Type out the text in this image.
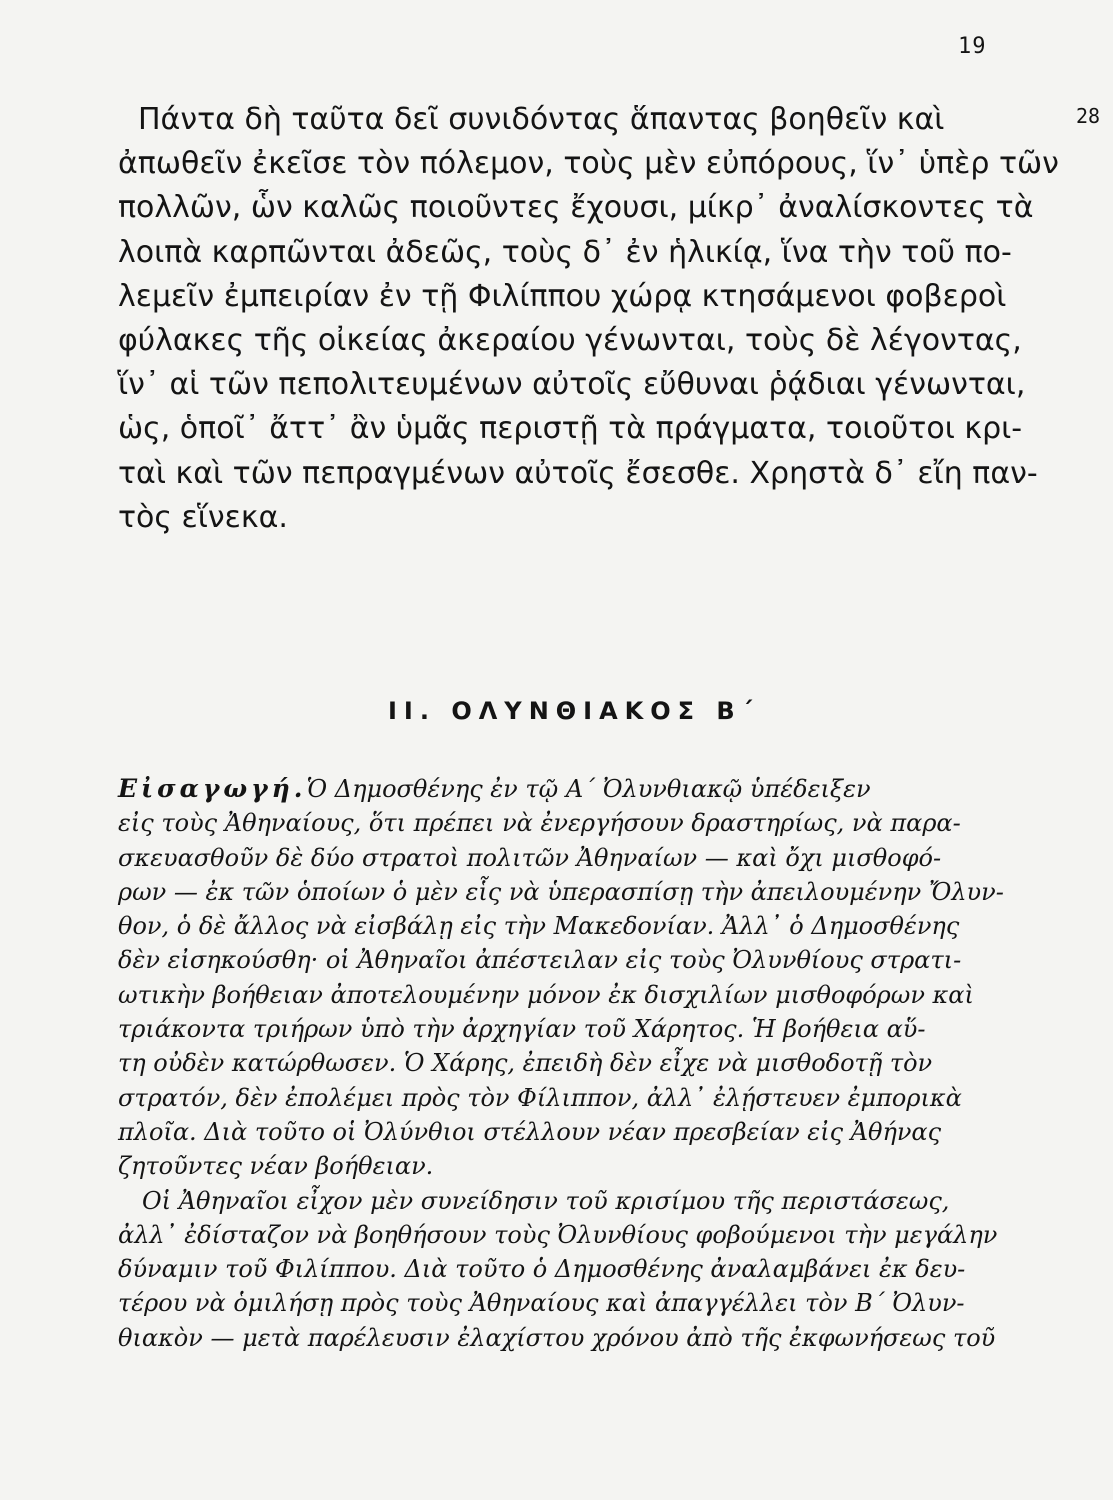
19
28
Πάντα δὴ ταῦτα δεῖ συνιδόντας ἅπαντας βοηθεῖν καὶ
ἀπωθεῖν ἐκεῖσε τὸν πόλεμον, τοὺς μὲν εὐπόρους, ἵν᾽ ὑπὲρ τῶν
πολλῶν, ὧν καλῶς ποιοῦντες ἔχουσι, μίκρ᾽ ἀναλίσκοντες τὰ
λοιπὰ καρπῶνται ἀδεῶς, τοὺς δ᾽ ἐν ἡλικίᾳ, ἵνα τὴν τοῦ πο-
λεμεῖν ἐμπειρίαν ἐν τῇ Φιλίππου χώρᾳ κτησάμενοι φοβεροὶ
φύλακες τῆς οἰκείας ἀκεραίου γένωνται, τοὺς δὲ λέγοντας,
ἵν᾽ αἱ τῶν πεπολιτευμένων αὐτοῖς εὔθυναι ῥᾴδιαι γένωνται,
ὡς, ὁποῖ᾽ ἄττ᾽ ἂν ὑμᾶς περιστῇ τὰ πράγματα, τοιοῦτοι κρι-
ταὶ καὶ τῶν πεπραγμένων αὐτοῖς ἔσεσθε. Χρηστὰ δ᾽ εἴη παν-
τὸς εἵνεκα.
II. ΟΛΥΝΘΙΑΚΟΣ Β΄
Εἰσαγωγή.Ὁ Δημοσθένης ἐν τῷ Α΄ Ὀλυνθιακῷ ὑπέδειξεν
εἰς τοὺς Ἀθηναίους, ὅτι πρέπει νὰ ἐνεργήσουν δραστηρίως, νὰ παρα-
σκευασθοῦν δὲ δύο στρατοὶ πολιτῶν Ἀθηναίων — καὶ ὄχι μισθοφό-
ρων — ἐκ τῶν ὁποίων ὁ μὲν εἷς νὰ ὑπερασπίσῃ τὴν ἀπειλουμένην Ὄλυν-
θον, ὁ δὲ ἄλλος νὰ εἰσβάλῃ εἰς τὴν Μακεδονίαν. Ἀλλ᾽ ὁ Δημοσθένης
δὲν εἰσηκούσθη· οἱ Ἀθηναῖοι ἀπέστειλαν εἰς τοὺς Ὀλυνθίους στρατι-
ωτικὴν βοήθειαν ἀποτελουμένην μόνον ἐκ δισχιλίων μισθοφόρων καὶ
τριάκοντα τριήρων ὑπὸ τὴν ἀρχηγίαν τοῦ Χάρητος. Ἡ βοήθεια αὕ-
τη οὐδὲν κατώρθωσεν. Ὁ Χάρης, ἐπειδὴ δὲν εἶχε νὰ μισθοδοτῇ τὸν
στρατόν, δὲν ἐπολέμει πρὸς τὸν Φίλιππον, ἀλλ᾽ ἐλῄστευεν ἐμπορικὰ
πλοῖα. Διὰ τοῦτο οἱ Ὀλύνθιοι στέλλουν νέαν πρεσβείαν εἰς Ἀθήνας
ζητοῦντες νέαν βοήθειαν.
Οἱ Ἀθηναῖοι εἶχον μὲν συνείδησιν τοῦ κρισίμου τῆς περιστάσεως,
ἀλλ᾽ ἐδίσταζον νὰ βοηθήσουν τοὺς Ὀλυνθίους φοβούμενοι τὴν μεγάλην
δύναμιν τοῦ Φιλίππου. Διὰ τοῦτο ὁ Δημοσθένης ἀναλαμβάνει ἐκ δευ-
τέρου νὰ ὁμιλήσῃ πρὸς τοὺς Ἀθηναίους καὶ ἀπαγγέλλει τὸν Β΄ Ὀλυν-
θιακὸν — μετὰ παρέλευσιν ἐλαχίστου χρόνου ἀπὸ τῆς ἐκφωνήσεως τοῦ
